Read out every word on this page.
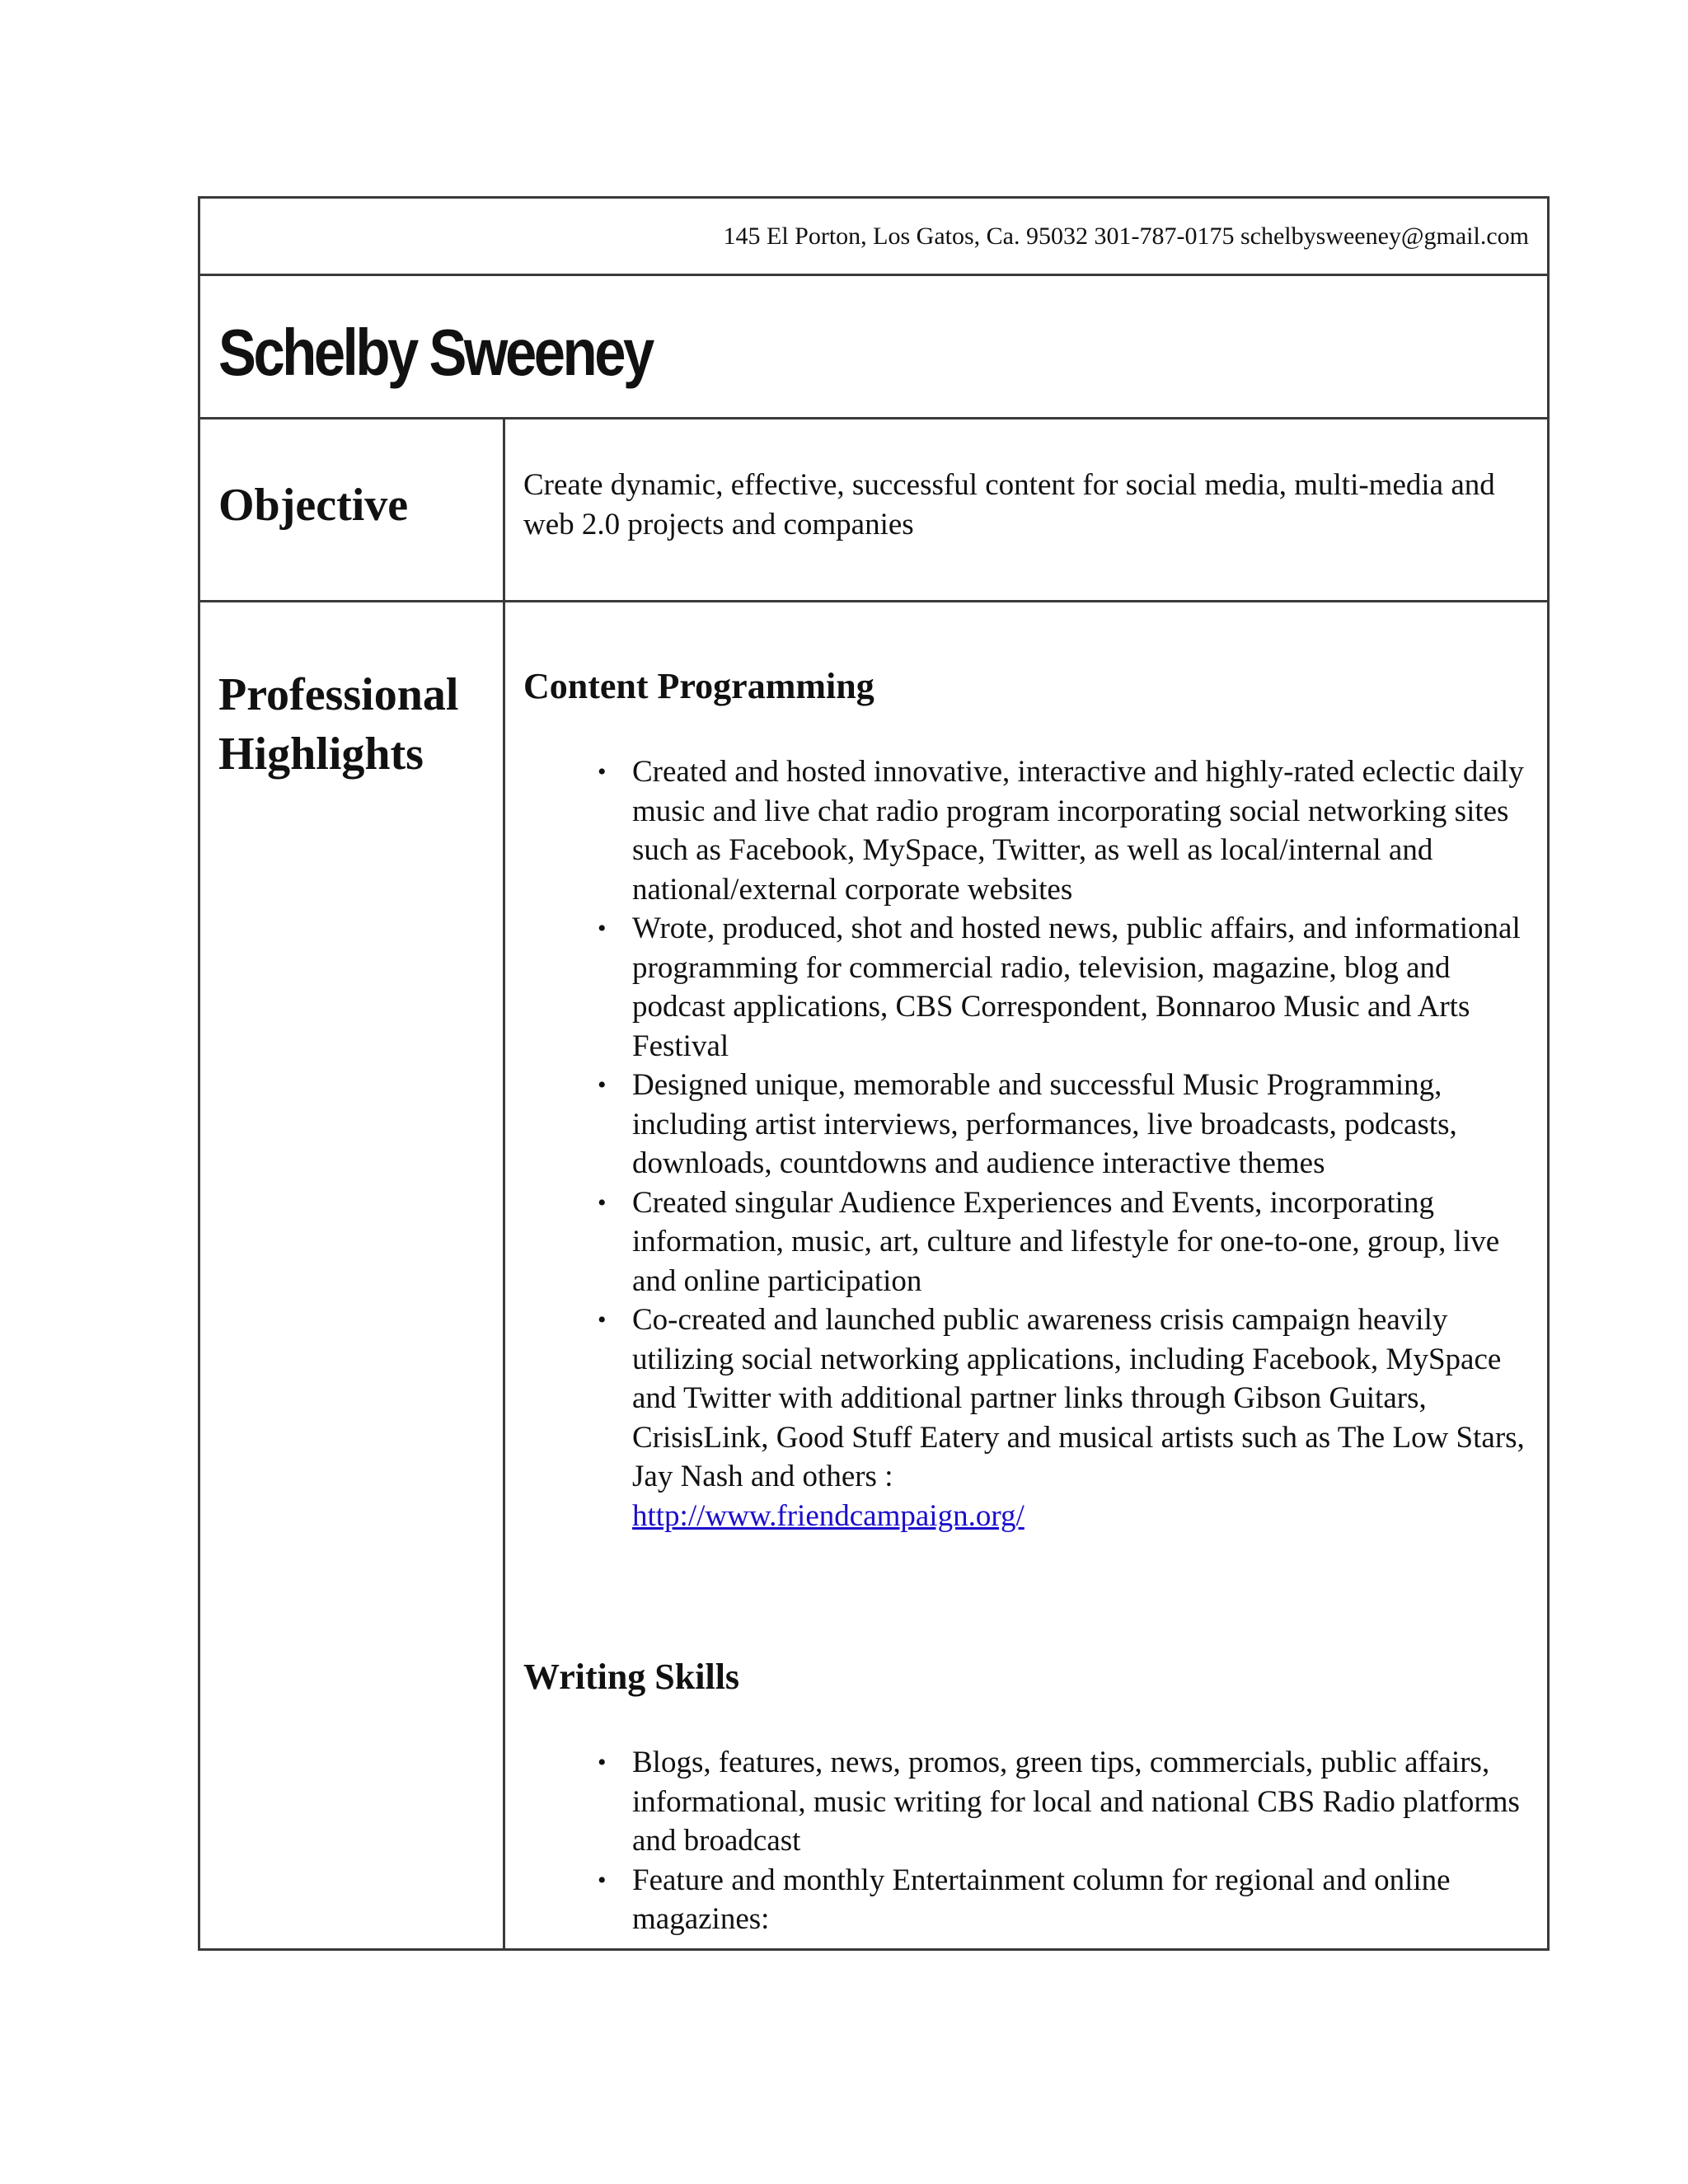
145 El Porton, Los Gatos, Ca. 95032 301-787-0175 schelbysweeney@gmail.com
Schelby Sweeney
Objective	Create dynamic, effective, successful content for social media, multi-media and web 2.0 projects and companies

Professional
Highlights
Content Programming
• Created and hosted innovative, interactive and highly-rated eclectic daily music and live chat radio program incorporating social networking sites such as Facebook, MySpace, Twitter, as well as local/internal and national/external corporate websites
• Wrote, produced, shot and hosted news, public affairs, and informational programming for commercial radio, television, magazine, blog and podcast applications, CBS Correspondent, Bonnaroo Music and Arts Festival
• Designed unique, memorable and successful Music Programming, including artist interviews, performances, live broadcasts, podcasts, downloads, countdowns and audience interactive themes
• Created singular Audience Experiences and Events, incorporating information, music, art, culture and lifestyle for one-to-one, group, live and online participation
• Co-created and launched public awareness crisis campaign heavily utilizing social networking applications, including Facebook, MySpace and Twitter with additional partner links through Gibson Guitars, CrisisLink, Good Stuff Eatery and musical artists such as The Low Stars, Jay Nash and others :
http://www.friendcampaign.org/
Writing Skills
• Blogs, features, news, promos, green tips, commercials, public affairs, informational, music writing for local and national CBS Radio platforms and broadcast
• Feature and monthly Entertainment column for regional and online magazines:
